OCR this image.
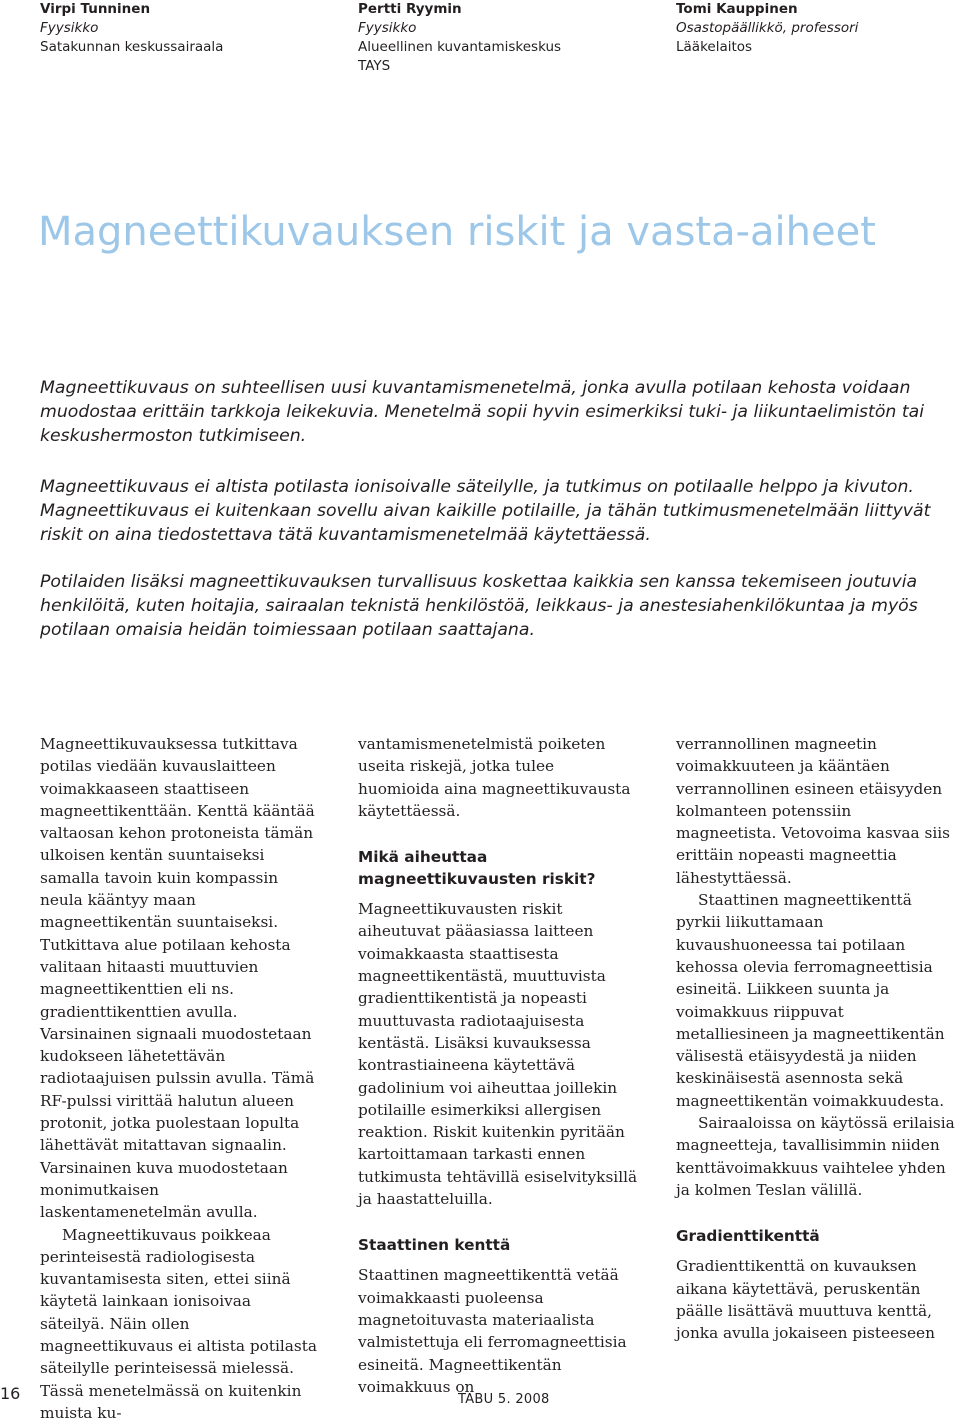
Virpi Tunninen
Fyysikko
Satakunnan keskussairaala
Pertti Ryymin
Fyysikko
Alueellinen kuvantamiskeskus
TAYS
Tomi Kauppinen
Osastopäällikkö, professori
Lääkelaitos
Magneettikuvauksen riskit ja vasta-aiheet

Magneettikuvaus on suhteellisen uusi kuvantamismenetelmä, jonka avulla potilaan kehosta voidaan muodostaa erittäin tarkkoja leikekuvia. Menetelmä sopii hyvin esimerkiksi tuki- ja liikuntaelimistön tai keskushermoston tutkimiseen.

Magneettikuvaus ei altista potilasta ionisoivalle säteilylle, ja tutkimus on potilaalle helppo ja kivuton. Magneettikuvaus ei kuitenkaan sovellu aivan kaikille potilaille, ja tähän tutkimusmenetelmään liittyvät riskit on aina tiedostettava tätä kuvantamismenetelmää käytettäessä.

Potilaiden lisäksi magneettikuvauksen turvallisuus koskettaa kaikkia sen kanssa tekemiseen joutuvia henkilöitä, kuten hoitajia, sairaalan teknistä henkilöstöä, leikkaus- ja anestesiahenkilökuntaa ja myös potilaan omaisia heidän toimiessaan potilaan saattajana.

Magneettikuvauksessa tutkittava potilas viedään kuvauslaitteen voimakkaaseen staattiseen magneettikenttään. Kenttä kääntää valtaosan kehon protoneista tämän ulkoisen kentän suuntaiseksi samalla tavoin kuin kompassin neula kääntyy maan magneettikentän suuntaiseksi. Tutkittava alue potilaan kehosta valitaan hitaasti muuttuvien magneettikenttien eli ns. gradienttikenttien avulla. Varsinainen signaali muodostetaan kudokseen lähetettävän radiotaajuisen pulssin avulla. Tämä RF-pulssi virittää halutun alueen protonit, jotka puolestaan lopulta lähettävät mitattavan signaalin. Varsinainen kuva muodostetaan monimutkaisen laskentamenetelmän avulla.

Magneettikuvaus poikkeaa perinteisestä radiologisesta kuvantamisesta siten, ettei siinä käytetä lainkaan ionisoivaa säteilyä. Näin ollen magneettikuvaus ei altista potilasta säteilylle perinteisessä mielessä. Tässä menetelmässä on kuitenkin muista ku-

vantamismenetelmistä poiketen useita riskejä, jotka tulee huomioida aina magneettikuvausta käytettäessä.

Mikä aiheuttaa magneettikuvausten riskit?

Magneettikuvausten riskit aiheutuvat pääasiassa laitteen voimakkaasta staattisesta magneettikentästä, muuttuvista gradienttikentistä ja nopeasti muuttuvasta radiotaajuisesta kentästä. Lisäksi kuvauksessa kontrastiaineena käytettävä gadolinium voi aiheuttaa joillekin potilaille esimerkiksi allergisen reaktion. Riskit kuitenkin pyritään kartoittamaan tarkasti ennen tutkimusta tehtävillä esiselvityksillä ja haastatteluilla.

Staattinen kenttä

Staattinen magneettikenttä vetää voimakkaasti puoleensa magnetoituvasta materiaalista valmistettuja eli ferromagneettisia esineitä. Magneettikentän voimakkuus on

verrannollinen magneetin voimakkuuteen ja kääntäen verrannollinen esineen etäisyyden kolmanteen potenssiin magneetista. Vetovoima kasvaa siis erittäin nopeasti magneettia lähestyttäessä.

Staattinen magneettikenttä pyrkii liikuttamaan kuvaushuoneessa tai potilaan kehossa olevia ferromagneettisia esineitä. Liikkeen suunta ja voimakkuus riippuvat metalliesineen ja magneettikentän välisestä etäisyydestä ja niiden keskinäisestä asennosta sekä magneettikentän voimakkuudesta.

Sairaaloissa on käytössä erilaisia magneetteja, tavallisimmin niiden kenttävoimakkuus vaihtelee yhden ja kolmen Teslan välillä.

Gradienttikenttä

Gradienttikenttä on kuvauksen aikana käytettävä, peruskentän päälle lisättävä muuttuva kenttä, jonka avulla jokaiseen pisteeseen

16	TABU 5. 2008
